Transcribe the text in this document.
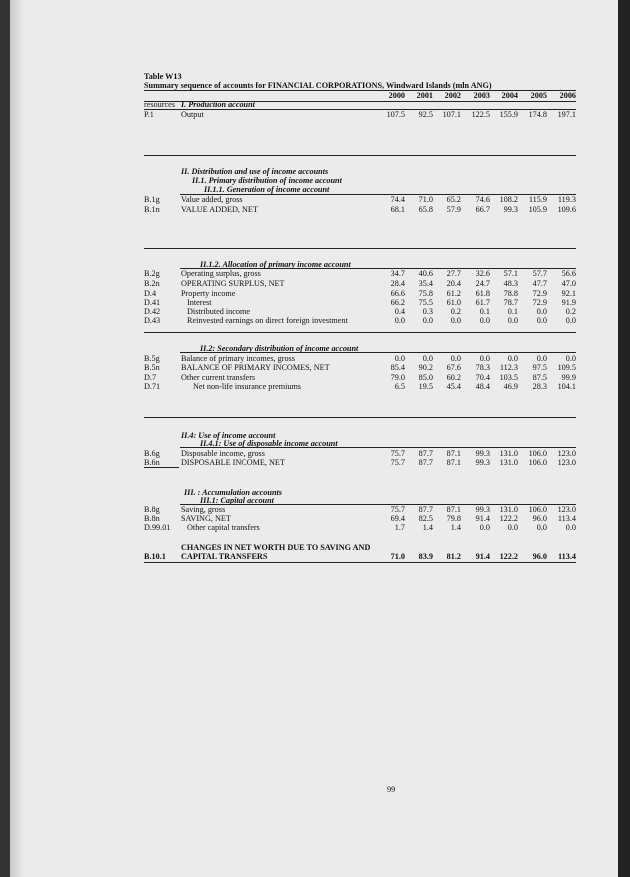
Table W13
Summary sequence of accounts for FINANCIAL CORPORATIONS, Windward Islands (mln ANG)
2000	2001	2002	2003	2004	2005	2006
resources I. Production account
P.1	Output	107.5	92.5	107.1	122.5	155.9	174.8	197.1
II. Distribution and use of income accounts
II.1. Primary distribution of income account
II.1.1. Generation of income account
B.1g	Value added, gross	74.4	71.0	65.2	74.6	108.2	115.9	119.3
B.1n	VALUE ADDED, NET	68.1	65.8	57.9	66.7	99.3	105.9	109.6
II.1.2. Allocation of primary income account
B.2g	Operating surplus, gross	34.7	40.6	27.7	32.6	57.1	57.7	56.6
B.2n	OPERATING SURPLUS, NET	28.4	35.4	20.4	24.7	48.3	47.7	47.0
D.4	Property income	66.6	75.8	61.2	61.8	78.8	72.9	92.1
D.41	Interest	66.2	75.5	61.0	61.7	78.7	72.9	91.9
D.42	Distributed income	0.4	0.3	0.2	0.1	0.1	0.0	0.2
D.43	Reinvested earnings on direct foreign investment	0.0	0.0	0.0	0.0	0.0	0.0	0.0
II.2: Secondary distribution of income account
B.5g	Balance of primary incomes, gross	0.0	0.0	0.0	0.0	0.0	0.0	0.0
B.5n	BALANCE OF PRIMARY INCOMES, NET	85.4	90.2	67.6	78.3	112.3	97.5	109.5
D.7	Other current transfers	79.0	85.0	60.2	70.4	103.5	87.5	99.9
D.71	Net non-life insurance premiums	6.5	19.5	45.4	48.4	46.9	28.3	104.1
II.4: Use of income account
II.4.1: Use of disposable income account
B.6g	Disposable income, gross	75.7	87.7	87.1	99.3	131.0	106.0	123.0
B.6n	DISPOSABLE INCOME, NET	75.7	87.7	87.1	99.3	131.0	106.0	123.0
III. : Accumulation accounts
III.1: Capital account
B.8g	Saving, gross	75.7	87.7	87.1	99.3	131.0	106.0	123.0
B.8n	SAVING, NET	69.4	82.5	79.8	91.4	122.2	96.0	113.4
D.99.01 Other capital transfers	1.7	1.4	1.4	0.0	0.0	0.0	0.0
CHANGES IN NET WORTH DUE TO SAVING AND
B.10.1 CAPITAL TRANSFERS	71.0	83.9	81.2	91.4	122.2	96.0	113.4
99
